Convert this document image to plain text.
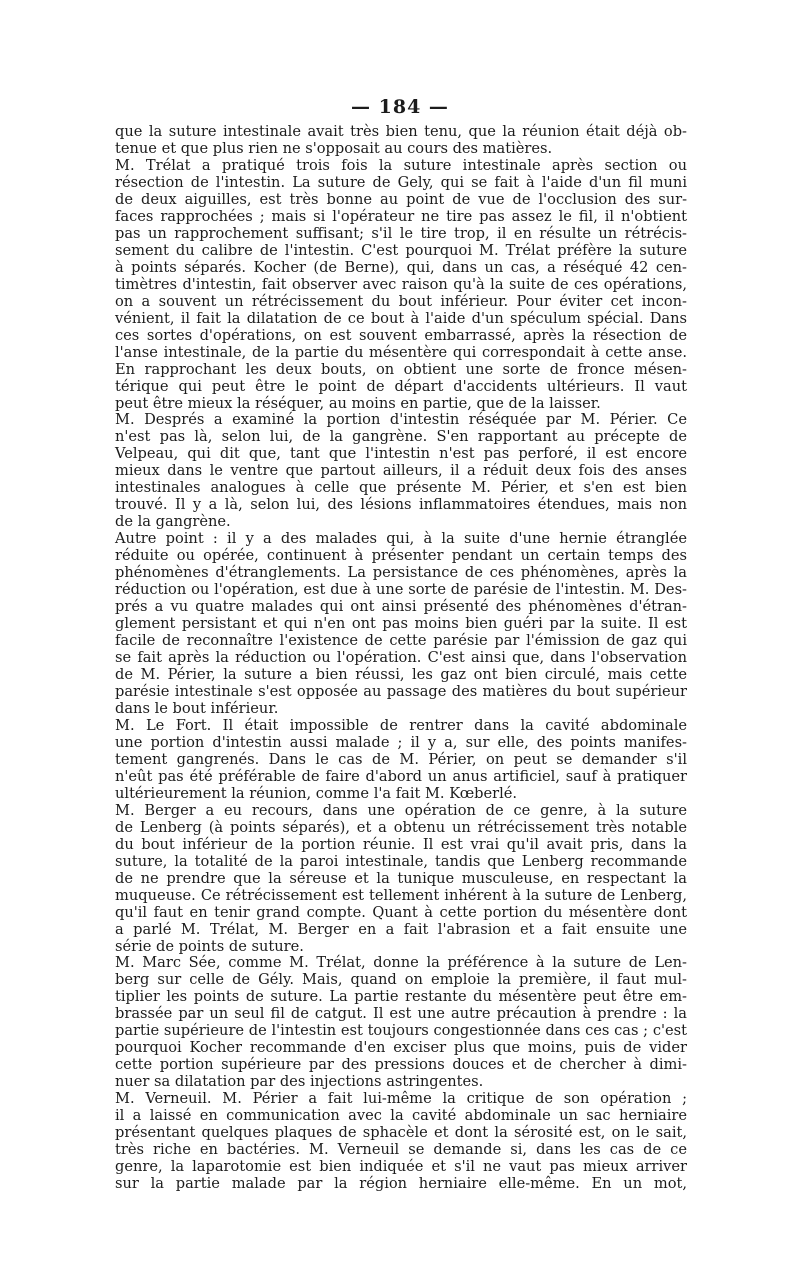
— 184 —
que la suture intestinale avait très bien tenu, que la réunion était déjà ob-
tenue et que plus rien ne s'opposait au cours des matières.
M. Trélat a pratiqué trois fois la suture intestinale après section ou
résection de l'intestin. La suture de Gely, qui se fait à l'aide d'un fil muni
de deux aiguilles, est très bonne au point de vue de l'occlusion des sur-
faces rapprochées ; mais si l'opérateur ne tire pas assez le fil, il n'obtient
pas un rapprochement suffisant; s'il le tire trop, il en résulte un rétrécis-
sement du calibre de l'intestin. C'est pourquoi M. Trélat préfère la suture
à points séparés. Kocher (de Berne), qui, dans un cas, a réséqué 42 cen-
timètres d'intestin, fait observer avec raison qu'à la suite de ces opérations,
on a souvent un rétrécissement du bout inférieur. Pour éviter cet incon-
vénient, il fait la dilatation de ce bout à l'aide d'un spéculum spécial. Dans
ces sortes d'opérations, on est souvent embarrassé, après la résection de
l'anse intestinale, de la partie du mésentère qui correspondait à cette anse.
En rapprochant les deux bouts, on obtient une sorte de fronce mésen-
térique qui peut être le point de départ d'accidents ultérieurs. Il vaut
peut être mieux la réséquer, au moins en partie, que de la laisser.
M. Després a examiné la portion d'intestin réséquée par M. Périer. Ce
n'est pas là, selon lui, de la gangrène. S'en rapportant au précepte de
Velpeau, qui dit que, tant que l'intestin n'est pas perforé, il est encore
mieux dans le ventre que partout ailleurs, il a réduit deux fois des anses
intestinales analogues à celle que présente M. Périer, et s'en est bien
trouvé. Il y a là, selon lui, des lésions inflammatoires étendues, mais non
de la gangrène.
Autre point : il y a des malades qui, à la suite d'une hernie étranglée
réduite ou opérée, continuent à présenter pendant un certain temps des
phénomènes d'étranglements. La persistance de ces phénomènes, après la
réduction ou l'opération, est due à une sorte de parésie de l'intestin. M. Des-
prés a vu quatre malades qui ont ainsi présenté des phénomènes d'étran-
glement persistant et qui n'en ont pas moins bien guéri par la suite. Il est
facile de reconnaître l'existence de cette parésie par l'émission de gaz qui
se fait après la réduction ou l'opération. C'est ainsi que, dans l'observation
de M. Périer, la suture a bien réussi, les gaz ont bien circulé, mais cette
parésie intestinale s'est opposée au passage des matières du bout supérieur
dans le bout inférieur.
M. Le Fort. Il était impossible de rentrer dans la cavité abdominale
une portion d'intestin aussi malade ; il y a, sur elle, des points manifes-
tement gangrenés. Dans le cas de M. Périer, on peut se demander s'il
n'eût pas été préférable de faire d'abord un anus artificiel, sauf à pratiquer
ultérieurement la réunion, comme l'a fait M. Kœberlé.
M. Berger a eu recours, dans une opération de ce genre, à la suture
de Lenberg (à points séparés), et a obtenu un rétrécissement très notable
du bout inférieur de la portion réunie. Il est vrai qu'il avait pris, dans la
suture, la totalité de la paroi intestinale, tandis que Lenberg recommande
de ne prendre que la séreuse et la tunique musculeuse, en respectant la
muqueuse. Ce rétrécissement est tellement inhérent à la suture de Lenberg,
qu'il faut en tenir grand compte. Quant à cette portion du mésentère dont
a parlé M. Trélat, M. Berger en a fait l'abrasion et a fait ensuite une
série de points de suture.
M. Marc Sée, comme M. Trélat, donne la préférence à la suture de Len-
berg sur celle de Gély. Mais, quand on emploie la première, il faut mul-
tiplier les points de suture. La partie restante du mésentère peut être em-
brassée par un seul fil de catgut. Il est une autre précaution à prendre : la
partie supérieure de l'intestin est toujours congestionnée dans ces cas ; c'est
pourquoi Kocher recommande d'en exciser plus que moins, puis de vider
cette portion supérieure par des pressions douces et de chercher à dimi-
nuer sa dilatation par des injections astringentes.
M. Verneuil. M. Périer a fait lui-même la critique de son opération ;
il a laissé en communication avec la cavité abdominale un sac herniaire
présentant quelques plaques de sphacèle et dont la sérosité est, on le sait,
très riche en bactéries. M. Verneuil se demande si, dans les cas de ce
genre, la laparotomie est bien indiquée et s'il ne vaut pas mieux arriver
sur la partie malade par la région herniaire elle-même. En un mot,
